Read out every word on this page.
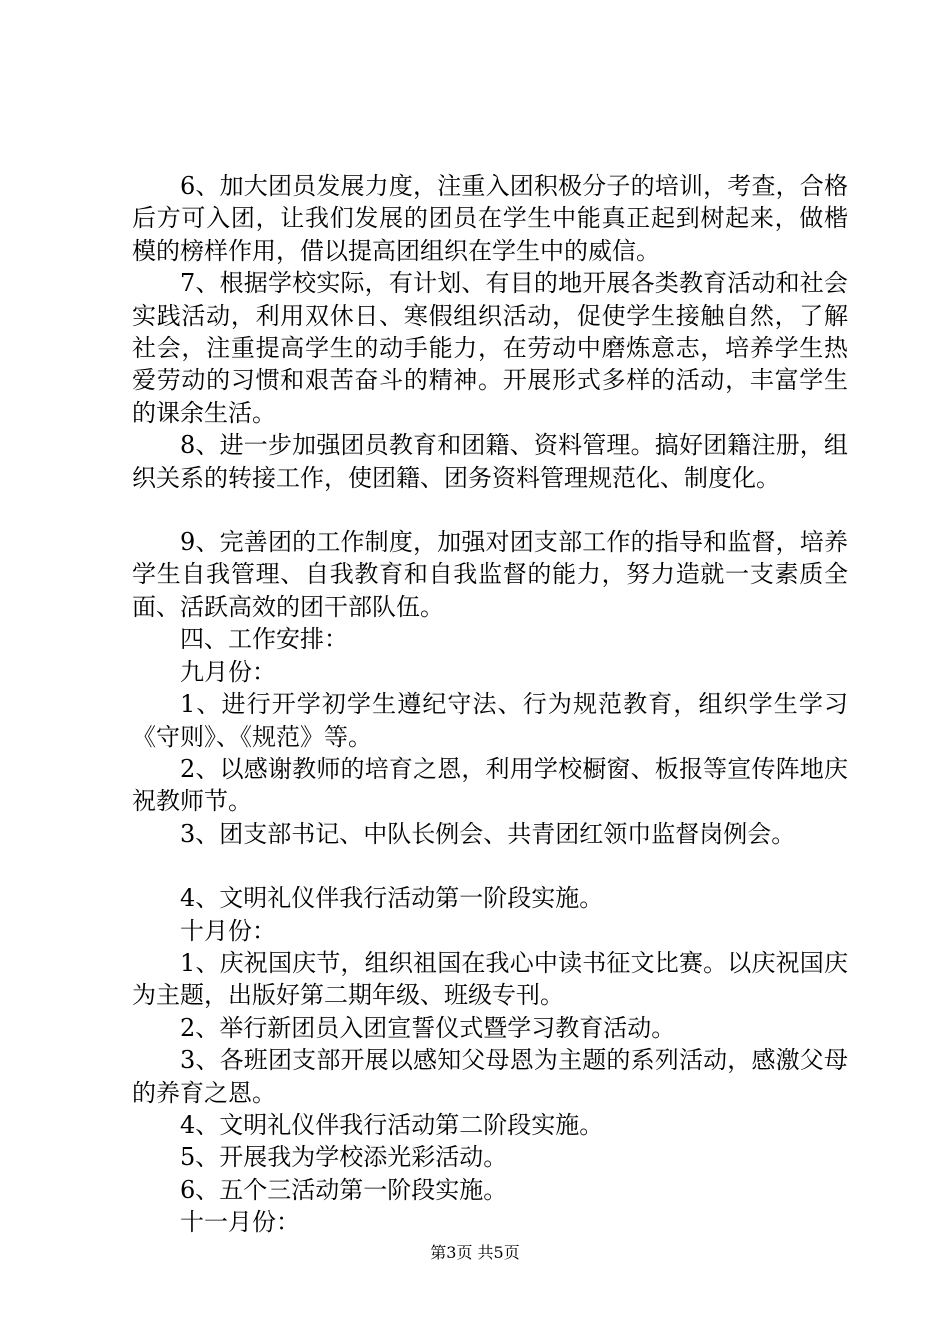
6、加大团员发展力度，注重入团积极分子的培训，考查，合格后方可入团，让我们发展的团员在学生中能真正起到树起来，做楷模的榜样作用，借以提高团组织在学生中的威信。

7、根据学校实际，有计划、有目的地开展各类教育活动和社会实践活动，利用双休日、寒假组织活动，促使学生接触自然，了解社会，注重提高学生的动手能力，在劳动中磨炼意志，培养学生热爱劳动的习惯和艰苦奋斗的精神。开展形式多样的活动，丰富学生的课余生活。

8、进一步加强团员教育和团籍、资料管理。搞好团籍注册，组织关系的转接工作，使团籍、团务资料管理规范化、制度化。

9、完善团的工作制度，加强对团支部工作的指导和监督，培养学生自我管理、自我教育和自我监督的能力，努力造就一支素质全面、活跃高效的团干部队伍。

四、工作安排：

九月份：

1、进行开学初学生遵纪守法、行为规范教育，组织学生学习《守则》、《规范》等。

2、以感谢教师的培育之恩，利用学校橱窗、板报等宣传阵地庆祝教师节。

3、团支部书记、中队长例会、共青团红领巾监督岗例会。

4、文明礼仪伴我行活动第一阶段实施。

十月份：

1、庆祝国庆节，组织祖国在我心中读书征文比赛。以庆祝国庆为主题，出版好第二期年级、班级专刊。

2、举行新团员入团宣誓仪式暨学习教育活动。

3、各班团支部开展以感知父母恩为主题的系列活动，感激父母的养育之恩。

4、文明礼仪伴我行活动第二阶段实施。

5、开展我为学校添光彩活动。

6、五个三活动第一阶段实施。

十一月份：

第3页 共5页
